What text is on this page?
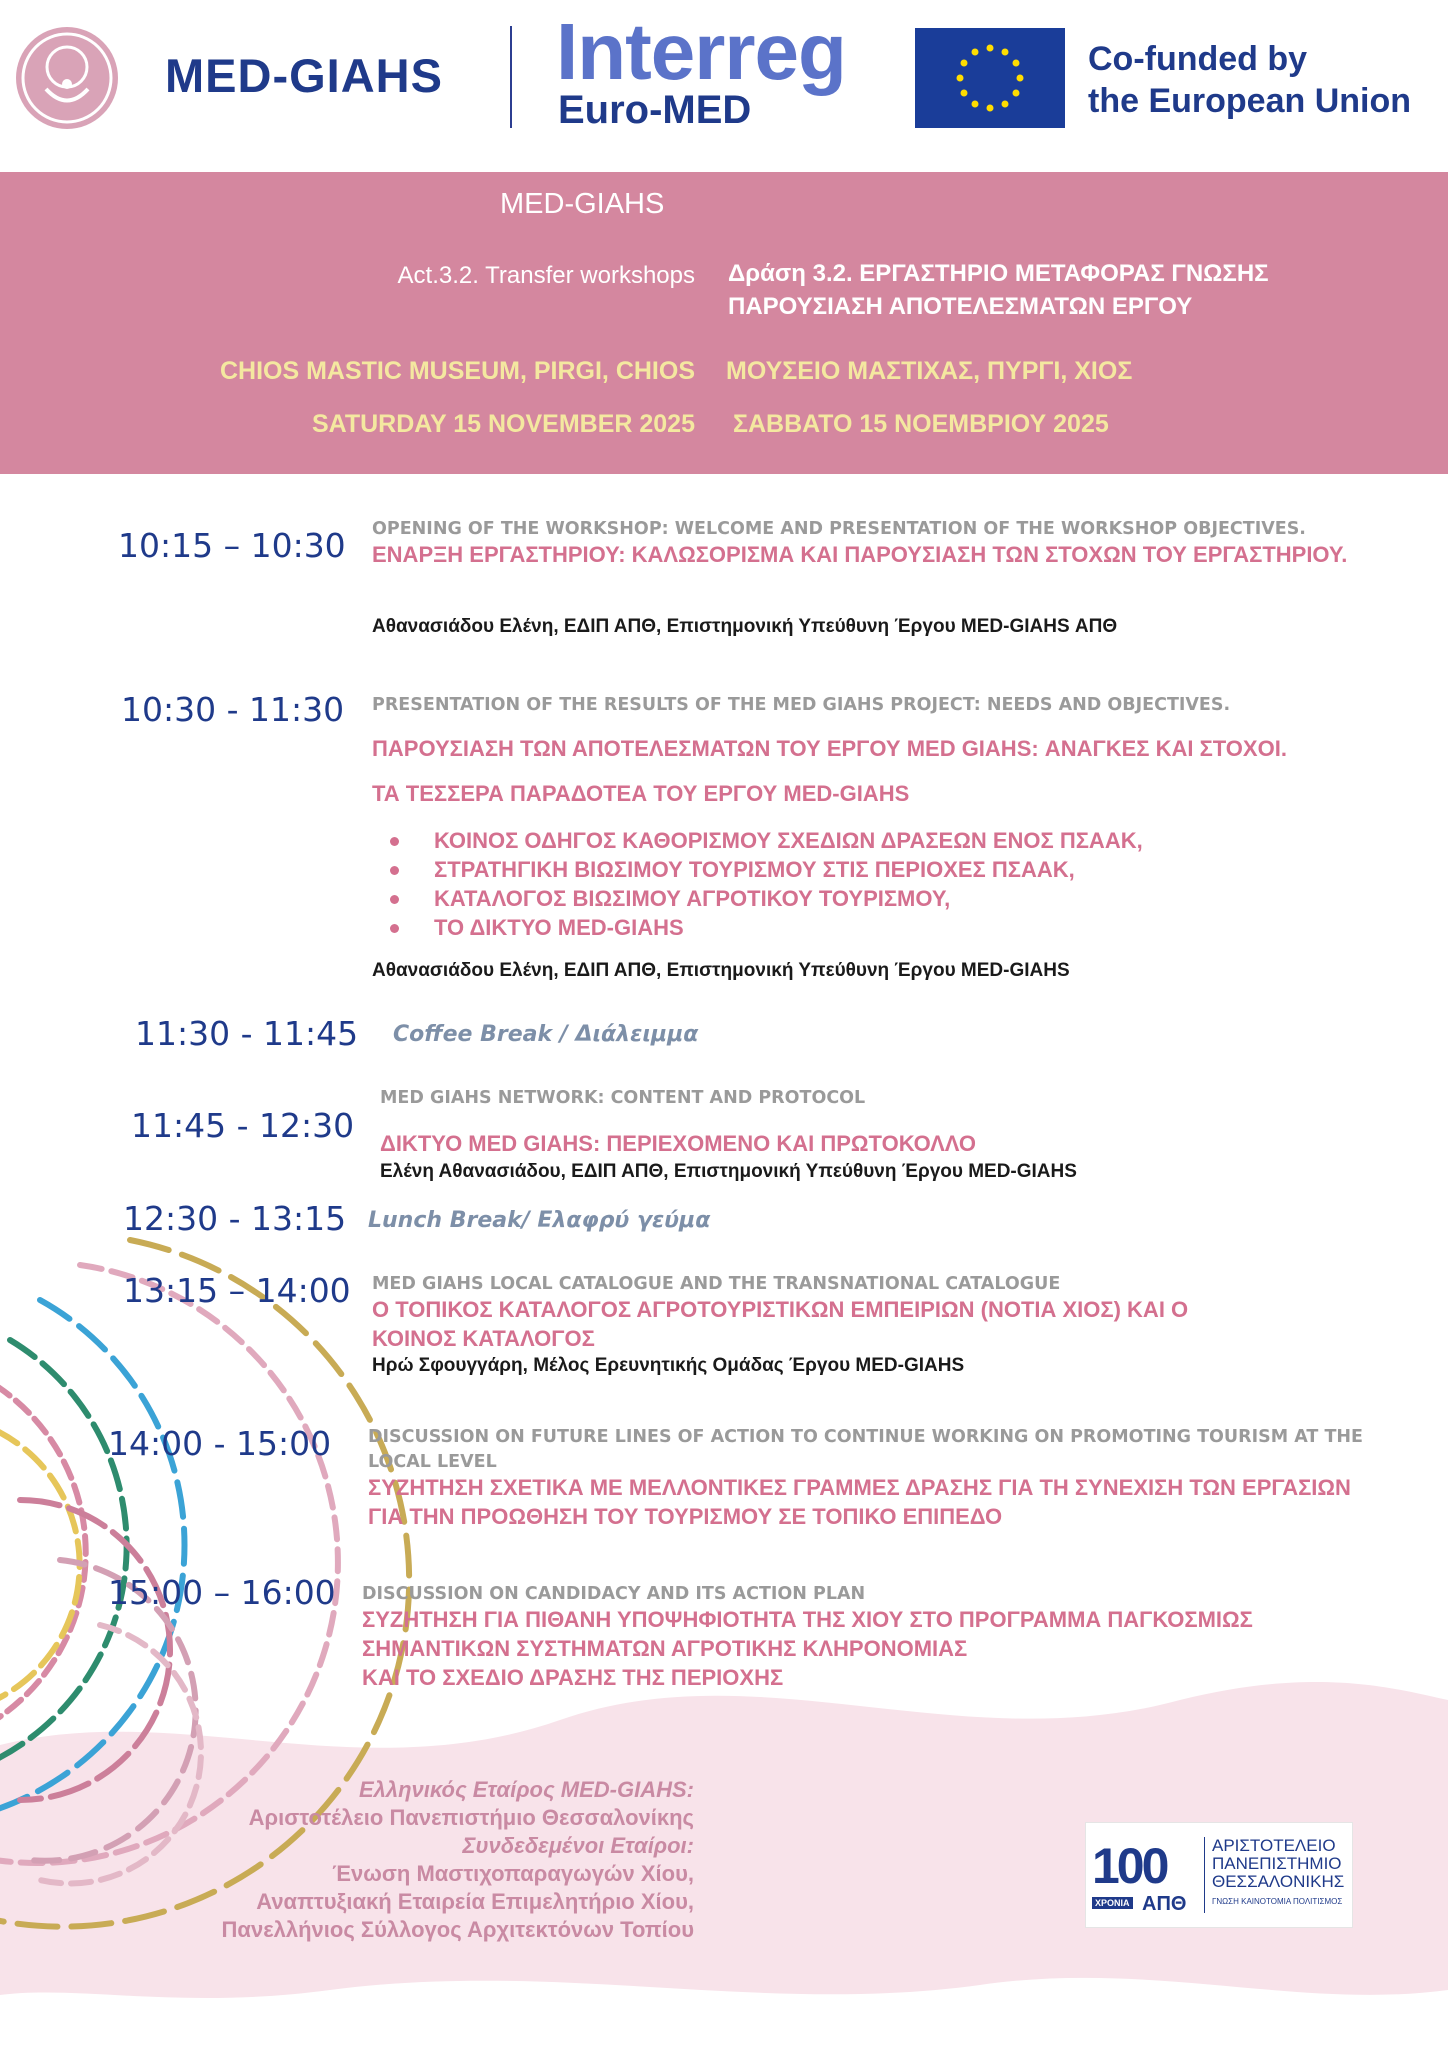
MED-GIAHS Interreg
Euro-MED
Co-funded by
the European Union
MED-GIAHS
Act.3.2. Transfer workshops Δράση 3.2. ΕΡΓΑΣΤΗΡΙΟ ΜΕΤΑΦΟΡΑΣ ΓΝΩΣΗΣ
ΠΑΡΟΥΣΙΑΣΗ ΑΠΟΤΕΛΕΣΜΑΤΩΝ ΕΡΓΟΥ
CHIOS MASTIC MUSEUM, PIRGI, CHIOS ΜΟΥΣΕΙΟ ΜΑΣΤΙΧΑΣ, ΠΥΡΓΙ, ΧΙΟΣ
SATURDAY 15 NOVEMBER 2025 ΣΑΒΒΑΤΟ 15 ΝΟΕΜΒΡΙΟΥ 2025
10:15 – 10:30 OPENING OF THE WORKSHOP: WELCOME AND PRESENTATION OF THE WORKSHOP OBJECTIVES.
ΕΝΑΡΞΗ ΕΡΓΑΣΤΗΡΙΟΥ: ΚΑΛΩΣΟΡΙΣΜΑ ΚΑΙ ΠΑΡΟΥΣΙΑΣΗ ΤΩΝ ΣΤΟΧΩΝ ΤΟΥ ΕΡΓΑΣΤΗΡΙΟΥ.
Αθανασιάδου Ελένη, ΕΔΙΠ ΑΠΘ, Επιστημονική Υπεύθυνη Έργου MED-GIAHS ΑΠΘ
10:30 - 11:30 PRESENTATION OF THE RESULTS OF THE MED GIAHS PROJECT: NEEDS AND OBJECTIVES.
ΠΑΡΟΥΣΙΑΣΗ ΤΩΝ ΑΠΟΤΕΛΕΣΜΑΤΩΝ ΤΟΥ ΕΡΓΟΥ MED GIAHS: ΑΝΑΓΚΕΣ ΚΑΙ ΣΤΟΧΟΙ.
ΤΑ ΤΕΣΣΕΡΑ ΠΑΡΑΔΟΤΕΑ ΤΟΥ ΕΡΓΟΥ MED-GIAHS
ΚΟΙΝΟΣ ΟΔΗΓΟΣ ΚΑΘΟΡΙΣΜΟΥ ΣΧΕΔΙΩΝ ΔΡΑΣΕΩΝ ΕΝΟΣ ΠΣΑΑΚ,
ΣΤΡΑΤΗΓΙΚΗ ΒΙΩΣΙΜΟΥ ΤΟΥΡΙΣΜΟΥ ΣΤΙΣ ΠΕΡΙΟΧΕΣ ΠΣΑΑΚ,
ΚΑΤΑΛΟΓΟΣ ΒΙΩΣΙΜΟΥ ΑΓΡΟΤΙΚΟΥ ΤΟΥΡΙΣΜΟΥ,
ΤΟ ΔΙΚΤΥΟ MED-GIAHS
Αθανασιάδου Ελένη, ΕΔΙΠ ΑΠΘ, Επιστημονική Υπεύθυνη Έργου MED-GIAHS
11:30 - 11:45 Coffee Break / Διάλειμμα
MED GIAHS NETWORK: CONTENT AND PROTOCOL
11:45 - 12:30 ΔΙΚΤΥΟ MED GIAHS: ΠΕΡΙΕΧΟΜΕΝΟ ΚΑΙ ΠΡΩΤΟΚΟΛΛΟ
Ελένη Αθανασιάδου, ΕΔΙΠ ΑΠΘ, Επιστημονική Υπεύθυνη Έργου MED-GIAHS
12:30 - 13:15 Lunch Break/ Ελαφρύ γεύμα
13:15 – 14:00 MED GIAHS LOCAL CATALOGUE AND THE TRANSNATIONAL CATALOGUE
Ο ΤΟΠΙΚΟΣ ΚΑΤΑΛΟΓΟΣ ΑΓΡΟΤΟΥΡΙΣΤΙΚΩΝ ΕΜΠΕΙΡΙΩΝ (ΝΟΤΙΑ ΧΙΟΣ) ΚΑΙ Ο ΚΟΙΝΟΣ ΚΑΤΑΛΟΓΟΣ
Ηρώ Σφουγγάρη, Μέλος Ερευνητικής Ομάδας Έργου MED-GIAHS
14:00 - 15:00 DISCUSSION ON FUTURE LINES OF ACTION TO CONTINUE WORKING ON PROMOTING TOURISM AT THE LOCAL LEVEL
ΣΥΖΗΤΗΣΗ ΣΧΕΤΙΚΑ ΜΕ ΜΕΛΛΟΝΤΙΚΕΣ ΓΡΑΜΜΕΣ ΔΡΑΣΗΣ ΓΙΑ ΤΗ ΣΥΝΕΧΙΣΗ ΤΩΝ ΕΡΓΑΣΙΩΝ ΓΙΑ ΤΗΝ ΠΡΟΩΘΗΣΗ ΤΟΥ ΤΟΥΡΙΣΜΟΥ ΣΕ ΤΟΠΙΚΟ ΕΠΙΠΕΔΟ
15:00 – 16:00 DISCUSSION ON CANDIDACY AND ITS ACTION PLAN
ΣΥΖΗΤΗΣΗ ΓΙΑ ΠΙΘΑΝΗ ΥΠΟΨΗΦΙΟΤΗΤΑ ΤΗΣ ΧΙΟΥ ΣΤΟ ΠΡΟΓΡΑΜΜΑ ΠΑΓΚΟΣΜΙΩΣ ΣΗΜΑΝΤΙΚΩΝ ΣΥΣΤΗΜΑΤΩΝ ΑΓΡΟΤΙΚΗΣ ΚΛΗΡΟΝΟΜΙΑΣ
ΚΑΙ ΤΟ ΣΧΕΔΙΟ ΔΡΑΣΗΣ ΤΗΣ ΠΕΡΙΟΧΗΣ
Ελληνικός Εταίρος MED-GIAHS:
Αριστοτέλειο Πανεπιστήμιο Θεσσαλονίκης
Συνδεδεμένοι Εταίροι:
Ένωση Μαστιχοπαραγωγών Χίου,
Αναπτυξιακή Εταιρεία Επιμελητήριο Χίου,
Πανελλήνιος Σύλλογος Αρχιτεκτόνων Τοπίου
100
ΧΡΟΝΙΑ ΑΠΘ
ΑΡΙΣΤΟΤΕΛΕΙΟ
ΠΑΝΕΠΙΣΤΗΜΙΟ
ΘΕΣΣΑΛΟΝΙΚΗΣ
ΓΝΩΣΗ ΚΑΙΝΟΤΟΜΙΑ ΠΟΛΙΤΙΣΜΟΣ
